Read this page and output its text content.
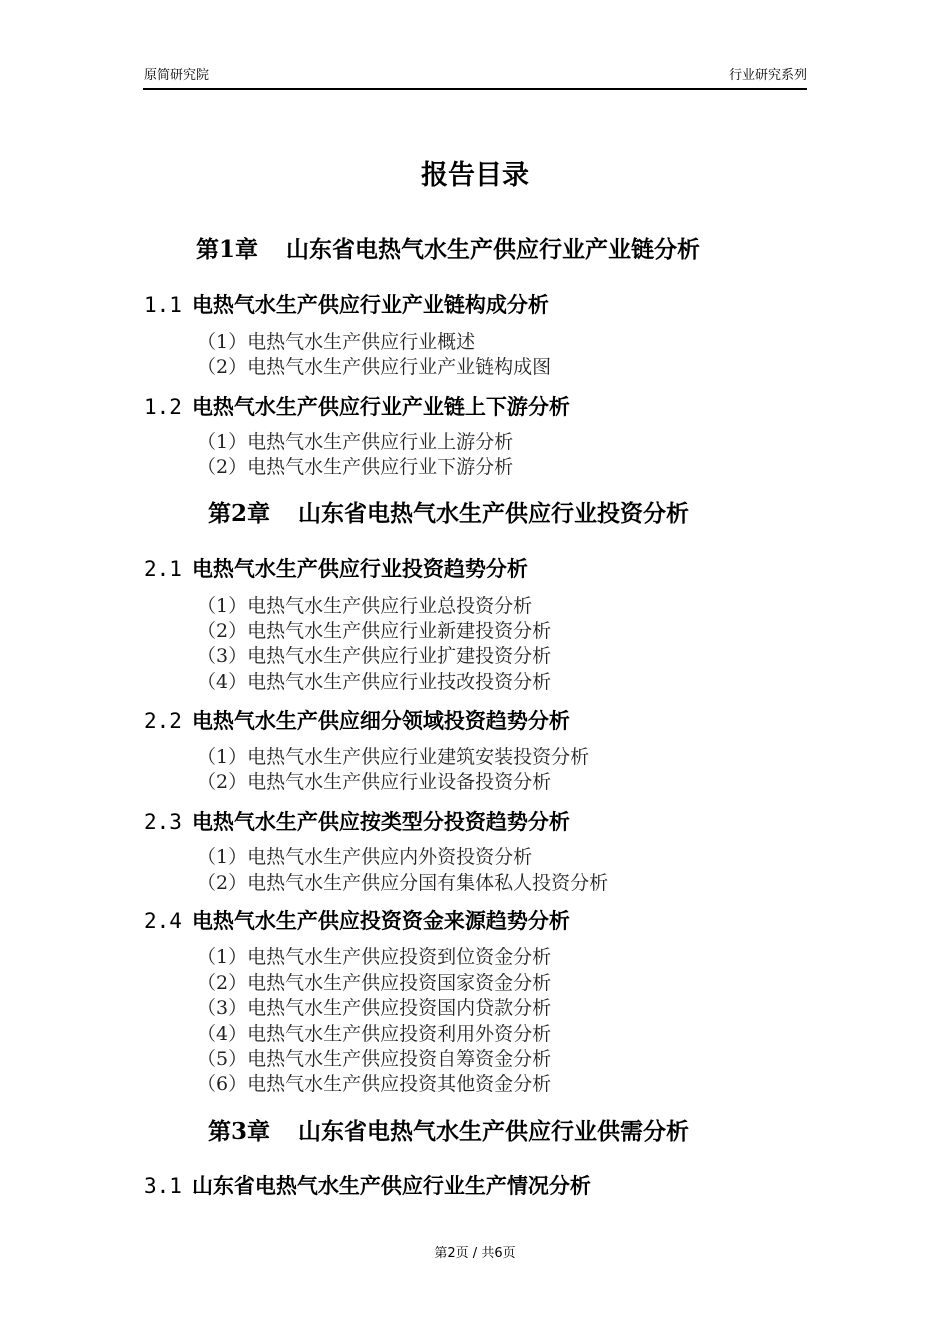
原简研究院	行业研究系列
报告目录
第1章 山东省电热气水生产供应行业产业链分析
1.1 电热气水生产供应行业产业链构成分析
（1）电热气水生产供应行业概述
（2）电热气水生产供应行业产业链构成图
1.2 电热气水生产供应行业产业链上下游分析
（1）电热气水生产供应行业上游分析
（2）电热气水生产供应行业下游分析
第2章 山东省电热气水生产供应行业投资分析
2.1 电热气水生产供应行业投资趋势分析
（1）电热气水生产供应行业总投资分析
（2）电热气水生产供应行业新建投资分析
（3）电热气水生产供应行业扩建投资分析
（4）电热气水生产供应行业技改投资分析
2.2 电热气水生产供应细分领域投资趋势分析
（1）电热气水生产供应行业建筑安装投资分析
（2）电热气水生产供应行业设备投资分析
2.3 电热气水生产供应按类型分投资趋势分析
（1）电热气水生产供应内外资投资分析
（2）电热气水生产供应分国有集体私人投资分析
2.4 电热气水生产供应投资资金来源趋势分析
（1）电热气水生产供应投资到位资金分析
（2）电热气水生产供应投资国家资金分析
（3）电热气水生产供应投资国内贷款分析
（4）电热气水生产供应投资利用外资分析
（5）电热气水生产供应投资自筹资金分析
（6）电热气水生产供应投资其他资金分析
第3章 山东省电热气水生产供应行业供需分析
3.1 山东省电热气水生产供应行业生产情况分析
第2页 / 共6页
